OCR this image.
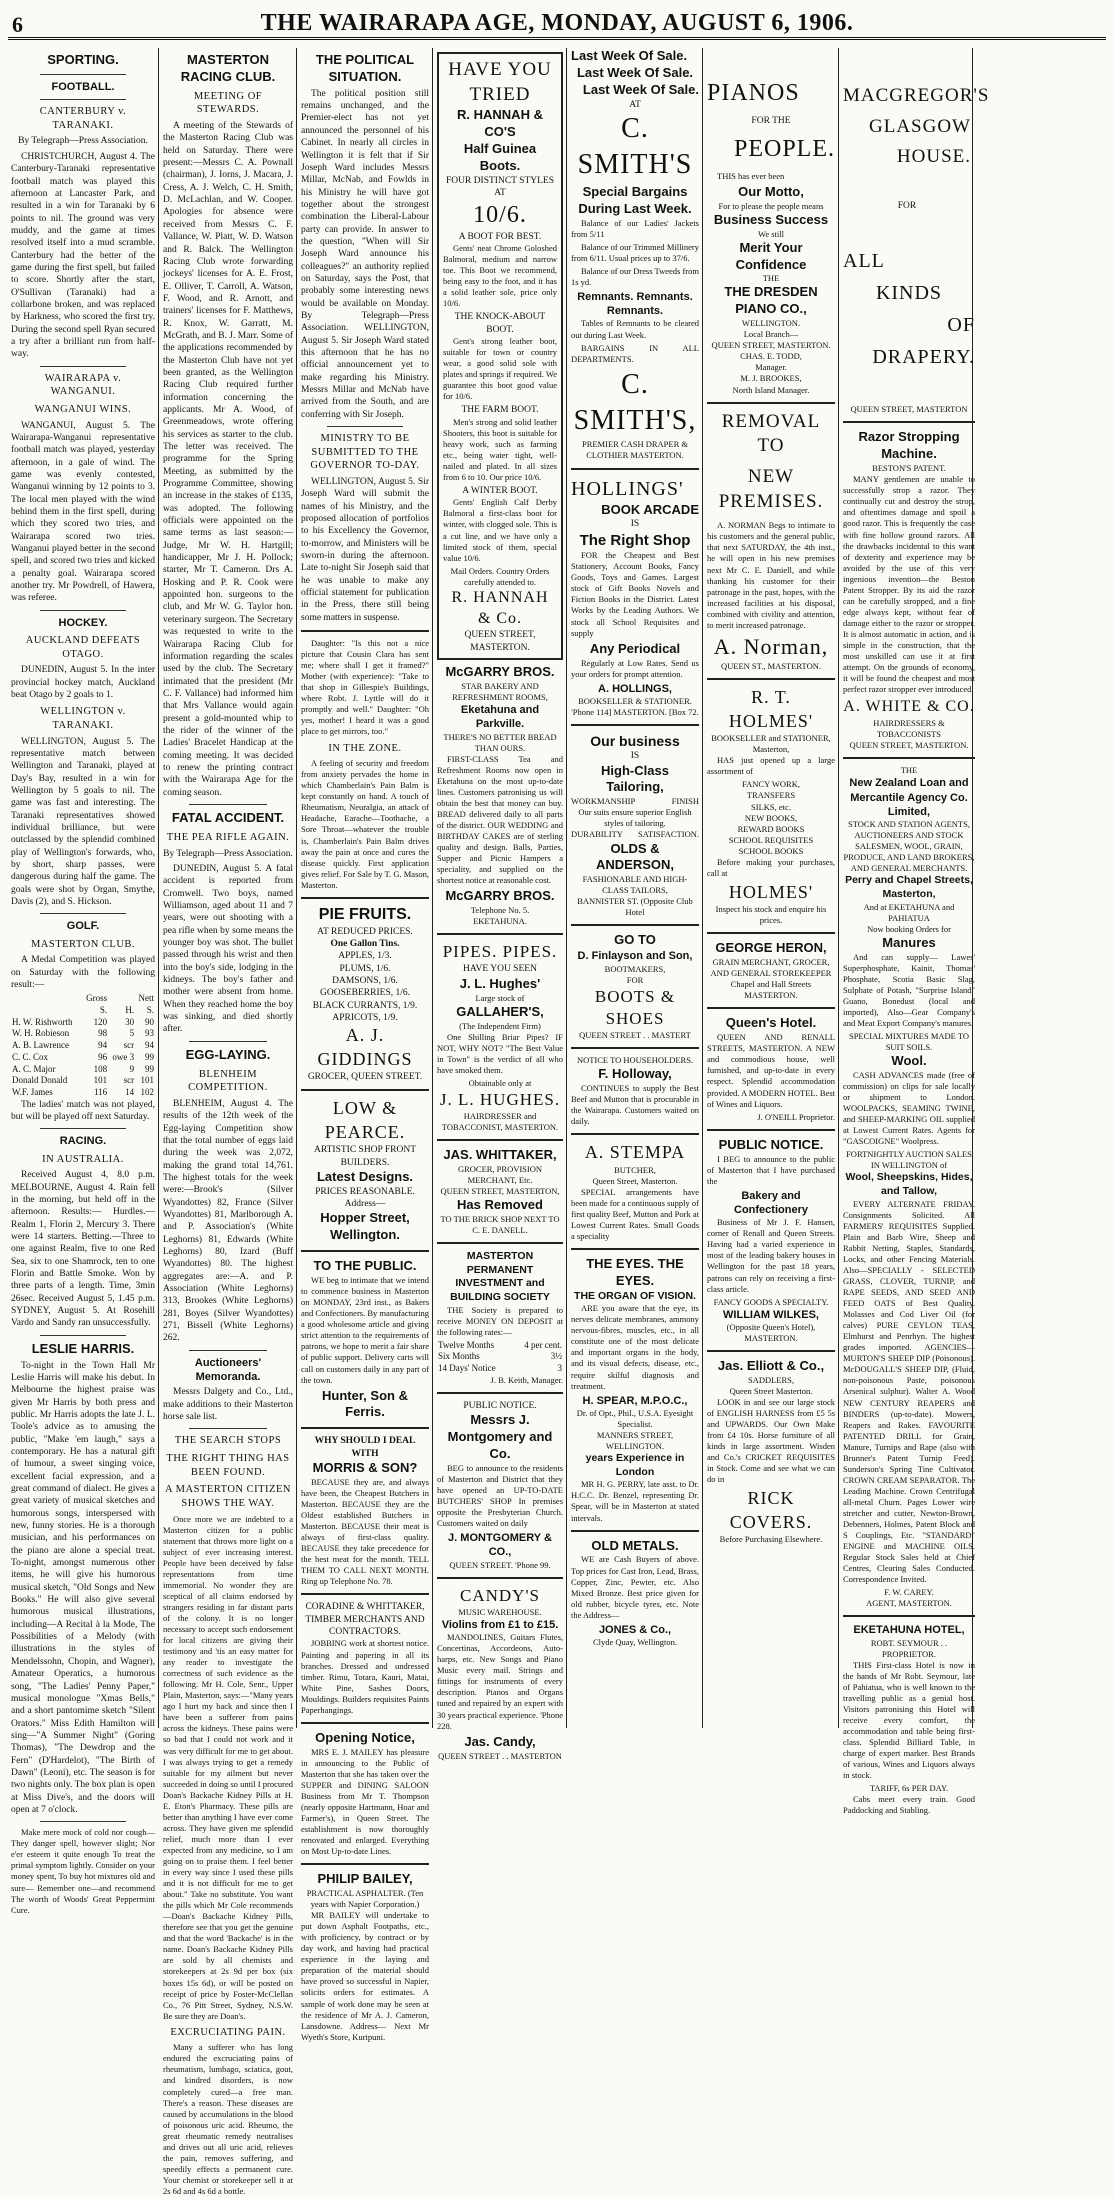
6	THE WAIRARAPA AGE, MONDAY, AUGUST 6, 1906.
SPORTING.
FOOTBALL.
CANTERBURY v. TARANAKI.
By Telegraph—Press Association.
CHRISTCHURCH, August 4. The Canterbury-Taranaki representative football match was played this afternoon at Lancaster Park, and resulted in a win for Taranaki by 6 points to nil. The ground was very muddy, and the game at times resolved itself into a mud scramble. Canterbury had the better of the game during the first spell, but failed to score. Shortly after the start, O'Sullivan (Taranaki) had a collarbone broken, and was replaced by Harkness, who scored the first try. During the second spell Ryan secured a try after a brilliant run from half-way.
WAIRARAPA v. WANGANUI.
WANGANUI WINS.
WANGANUI, August 5. The Wairarapa-Wanganui representative football match was played, yesterday afternoon, in a gale of wind. The game was evenly contested, Wanganui winning by 12 points to 3. The local men played with the wind behind them in the first spell, during which they scored two tries, and Wairarapa scored two tries. Wanganui played better in the second spell, and scored two tries and kicked a penalty goal. Wairarapa scored another try. Mr Powdrell, of Hawera, was referee.
HOCKEY.
AUCKLAND DEFEATS OTAGO.
DUNEDIN, August 5. In the inter provincial hockey match, Auckland beat Otago by 2 goals to 1.
WELLINGTON v. TARANAKI.
WELLINGTON, August 5. The representative match between Wellington and Taranaki, played at Day's Bay, resulted in a win for Wellington by 5 goals to nil. The game was fast and interesting. The Taranaki representatives showed individual brilliance, but were outclassed by the splendid combined play of Wellington's forwards, who, by short, sharp passes, were dangerous during half the game. The goals were shot by Organ, Smythe, Davis (2), and S. Hickson.
GOLF.
MASTERTON CLUB.
A Medal Competition was played on Saturday with the following result:—
	Gross		Nett
	S.	H.	S.
H. W. Rishworth	120	30	90
W. H. Robieson	98	5	93
A. B. Lawrence	94	scr	94
C. C. Cox	96	owe 3	99
A. C. Major	108	9	99
Donald Donald	101	scr	101
W.F. James	116	14	102
The ladies' match was not played, but will be played off next Saturday.
RACING.
IN AUSTRALIA.
Received August 4, 8.0 p.m. MELBOURNE, August 4. Rain fell in the morning, but held off in the afternoon. Results:— Hurdles.—Realm 1, Florin 2, Mercury 3. There were 14 starters. Betting.—Three to one against Realm, five to one Red Sea, six to one Shamrock, ten to one Florin and Battle Smoke. Won by three parts of a length. Time, 3min 26sec. Received August 5, 1.45 p.m. SYDNEY, August 5. At Rosehill Vardo and Sandy ran unsuccessfully.
LESLIE HARRIS.
To-night in the Town Hall Mr Leslie Harris will make his debut. In Melbourne the highest praise was given Mr Harris by both press and public. Mr Harris adopts the late J. L. Toole's advice as to amusing the public, "Make 'em laugh," says a contemporary. He has a natural gift of humour, a sweet singing voice, excellent facial expression, and a great command of dialect. He gives a great variety of musical sketches and humorous songs, interspersed with new, funny stories. He is a thorough musician, and his performances on the piano are alone a special treat. To-night, amongst numerous other items, he will give his humorous musical sketch, "Old Songs and New Books." He will also give several humorous musical illustrations, including—A Recital à la Mode, The Possibilities of a Melody (with illustrations in the styles of Mendelssohn, Chopin, and Wagner), Amateur Operatics, a humorous song, "The Ladies' Penny Paper," musical monologue "Xmas Bells," and a short pantomime sketch "Silent Orators." Miss Edith Hamilton will sing—"A Summer Night" (Goring Thomas), "The Dewdrop and the Fern" (D'Hardelot), "The Birth of Dawn" (Leoni), etc. The season is for two nights only. The box plan is open at Miss Dive's, and the doors will open at 7 o'clock.
Make mere mock of cold nor cough— They danger spell, however slight; Nor e'er esteem it quite enough To treat the primal symptom lightly. Consider on your money spent, To buy hot mixtures old and sure— Remember one—and recommend The worth of Woods' Great Peppermint Cure.
MASTERTON RACING CLUB.
MEETING OF STEWARDS.
A meeting of the Stewards of the Masterton Racing Club was held on Saturday. There were present:—Messrs C. A. Pownall (chairman), J. Iorns, J. Macara, J. Cress, A. J. Welch, C. H. Smith, D. McLachlan, and W. Cooper. Apologies for absence were received from Messrs C. F. Vallance, W. Platt, W. D. Watson and R. Balck. The Wellington Racing Club wrote forwarding jockeys' licenses for A. E. Frost, E. Olliver, T. Carroll, A. Watson, F. Wood, and R. Arnott, and trainers' licenses for F. Matthews, R. Knox, W. Garratt, M. McGrath, and B. J. Marr. Some of the applications recommended by the Masterton Club have not yet been granted, as the Wellington Racing Club required further information concerning the applicants. Mr A. Wood, of Greenmeadows, wrote offering his services as starter to the club. The letter was received. The programme for the Spring Meeting, as submitted by the Programme Committee, showing an increase in the stakes of £135, was adopted. The following officials were appointed on the same terms as last season:—Judge, Mr W. H. Hartgill; handicapper, Mr J. H. Pollock; starter, Mr T. Cameron. Drs A. Hosking and P. R. Cook were appointed hon. surgeons to the club, and Mr W. G. Taylor hon. veterinary surgeon. The Secretary was requested to write to the Wairarapa Racing Club for information regarding the scales used by the club. The Secretary intimated that the president (Mr C. F. Vallance) had informed him that Mrs Vallance would again present a gold-mounted whip to the rider of the winner of the Ladies' Bracelet Handicap at the coming meeting. It was decided to renew the printing contract with the Wairarapa Age for the coming season.
FATAL ACCIDENT.
THE PEA RIFLE AGAIN.
By Telegraph—Press Association.
DUNEDIN, August 5. A fatal accident is reported from Cromwell. Two boys, named Williamson, aged about 11 and 7 years, were out shooting with a pea rifle when by some means the younger boy was shot. The bullet passed through his wrist and then into the boy's side, lodging in the kidneys. The boy's father and mother were absent from home. When they reached home the boy was sinking, and died shortly after.
EGG-LAYING.
BLENHEIM COMPETITION.
BLENHEIM, August 4. The results of the 12th week of the Egg-laying Competition show that the total number of eggs laid during the week was 2,072, making the grand total 14,761. The highest totals for the week were:—Brook's (Silver Wyandottes) 82, France (Silver Wyandottes) 81, Marlborough A. and P. Association's (White Leghorns) 81, Edwards (White Leghorns) 80, Izard (Buff Wyandottes) 80. The highest aggregates are:—A. and P. Association (White Leghorns) 313, Brookes (White Leghorns) 281, Boyes (Silver Wyandottes) 271, Bissell (White Leghorns) 262.
Auctioneers' Memoranda.
Messrs Dalgety and Co., Ltd., make additions to their Masterton horse sale list.
THE SEARCH STOPS
THE RIGHT THING HAS BEEN FOUND.
A MASTERTON CITIZEN SHOWS THE WAY.
Once more we are indebted to a Masterton citizen for a public statement that throws more light on a subject of ever increasing interest. People have been deceived by false representations from time immemorial. No wonder they are sceptical of all claims endorsed by strangers residing in far distant parts of the colony. It is no longer necessary to accept such endorsement for local citizens are giving their testimony and 'tis an easy matter for any reader to investigate the correctness of such evidence as the following. Mr H. Cole, Senr., Upper Plain, Masterton, says:—"Many years ago I hurt my back and since then I have been a sufferer from pains across the kidneys. These pains were so bad that I could not work and it was very difficult for me to get about. I was always trying to get a remedy suitable for my ailment but never succeeded in doing so until I procured Doan's Backache Kidney Pills at H. E. Eton's Pharmacy. These pills are better than anything I have ever come across. They have given me splendid relief, much more than I ever expected from any medicine, so I am going on to praise them. I feel better in every way since I used these pills and it is not difficult for me to get about." Take no substitute. You want the pills which Mr Cole recommends—Doan's Backache Kidney Pills, therefore see that you get the genuine and that the word 'Backache' is in the name. Doan's Backache Kidney Pills are sold by all chemists and storekeepers at 2s 9d per box (six boxes 15s 6d), or will be posted on receipt of price by Foster-McClellan Co., 76 Pitt Street, Sydney, N.S.W. Be sure they are Doan's.
EXCRUCIATING PAIN.
Many a sufferer who has long endured the excruciating pains of rheumatism, lumbago, sciatica, gout, and kindred disorders, is now completely cured—a free man. There's a reason. These diseases are caused by accumulations in the blood of poisonous uric acid. Rheumo, the great rheumatic remedy neutralises and drives out all uric acid, relieves the pain, removes suffering, and speedily effects a permanent cure. Your chemist or storekeeper sell it at 2s 6d and 4s 6d a bottle.
THE POLITICAL SITUATION.
The political position still remains unchanged, and the Premier-elect has not yet announced the personnel of his Cabinet. In nearly all circles in Wellington it is felt that if Sir Joseph Ward includes Messrs Millar, McNab, and Fowlds in his Ministry he will have got together about the strongest combination the Liberal-Labour party can provide. In answer to the question, "When will Sir Joseph Ward announce his colleagues?" an authority replied on Saturday, says the Post, that probably some interesting news would be available on Monday. By Telegraph—Press Association. WELLINGTON, August 5. Sir Joseph Ward stated this afternoon that he has no official announcement yet to make regarding his Ministry. Messrs Millar and McNab have arrived from the South, and are conferring with Sir Joseph.
MINISTRY TO BE SUBMITTED TO THE GOVERNOR TO-DAY.
WELLINGTON, August 5. Sir Joseph Ward will submit the names of his Ministry, and the proposed allocation of portfolios to his Excellency the Governor, to-morrow, and Ministers will be sworn-in during the afternoon. Late to-night Sir Joseph said that he was unable to make any official statement for publication in the Press, there still being some matters in suspense.
Daughter: "Is this not a nice picture that Cousin Clara has sent me; where shall I get it framed?" Mother (with experience): "Take to that shop in Gillespie's Buildings, where Robt. J. Lyttle will do it promptly and well." Daughter: "Oh yes, mother! I heard it was a good place to get mirrors, too."
IN THE ZONE.
A feeling of security and freedom from anxiety pervades the home in which Chamberlain's Pain Balm is kept constantly on hand. A touch of Rheumatism, Neuralgia, an attack of Headache, Earache—Toothache, a Sore Throat—whatever the trouble is, Chamberlain's Pain Balm drives away the pain at once and cures the disease quickly. First application gives relief. For Sale by T. G. Mason, Masterton.
PIE FRUITS.
AT REDUCED PRICES.
One Gallon Tins.
APPLES, 1/3.
PLUMS, 1/6.
DAMSONS, 1/6.
GOOSEBERRIES, 1/6.
BLACK CURRANTS, 1/9.
APRICOTS, 1/9.
A. J. GIDDINGS
GROCER, QUEEN STREET.
LOW & PEARCE.
ARTISTIC SHOP FRONT BUILDERS.
Latest Designs.
PRICES REASONABLE.
Address—
Hopper Street, Wellington.
TO THE PUBLIC.
WE beg to intimate that we intend to commence business in Masterton on MONDAY, 23rd inst., as Bakers and Confectioners. By manufacturing a good wholesome article and giving strict attention to the requirements of patrons, we hope to merit a fair share of public support. Delivery carts will call on customers daily in any part of the town.
Hunter, Son & Ferris.
WHY SHOULD I DEAL WITH
MORRIS & SON?
BECAUSE they are, and always have been, the Cheapest Butchers in Masterton. BECAUSE they are the Oldest established Butchers in Masterton. BECAUSE their meat is always of first-class quality. BECAUSE they take precedence for the best meat for the month. TELL THEM TO CALL NEXT MONTH. Ring up Telephone No. 78.
CORADINE & WHITTAKER, TIMBER MERCHANTS AND CONTRACTORS.
JOBBING work at shortest notice. Painting and papering in all its branches. Dressed and undressed timber. Rimu, Totara, Kauri, Matai, White Pine, Sashes Doors, Mouldings. Builders requisites Paints Paperhangings.
Opening Notice,
MRS E. J. MAILEY has pleasure in announcing to the Public of Masterton that she has taken over the SUPPER and DINING SALOON Business from Mr T. Thompson (nearly opposite Hartmann, Hoar and Farmer's), in Queen Street. The establishment is now thoroughly renovated and enlarged. Everything on Most Up-to-date Lines.
PHILIP BAILEY,
PRACTICAL ASPHALTER. (Ten years with Napier Corporation.)
MR BAILEY will undertake to put down Asphalt Footpaths, etc., with proficiency, by contract or by day work, and having had practical experience in the laying and preparation of the material should have proved so successful in Napier, solicits orders for estimates. A sample of work done may be seen at the residence of Mr A. J. Cameron, Lansdowne. Address— Next Mr Wyeth's Store, Kuripuni.
HAVE YOU TRIED
R. HANNAH & CO'S
Half Guinea Boots.
FOUR DISTINCT STYLES AT
10/6.
A BOOT FOR BEST.
Gents' neat Chrome Goloshed Balmoral, medium and narrow toe. This Boot we recommend, being easy to the foot, and it has a solid leather sole, price only 10/6.
THE KNOCK-ABOUT BOOT.
Gent's strong leather boot, suitable for town or country wear, a good solid sole with plates and springs if required. We guarantee this boot good value for 10/6.
THE FARM BOOT.
Men's strong and solid leather Shooters, this boot is suitable for heavy work, such as farming etc., being water tight, well-nailed and plated. In all sizes from 6 to 10. Our price 10/6.
A WINTER BOOT.
Gents' English Calf Derby Balmoral a first-class boot for winter, with clogged sole. This is a cut line, and we have only a limited stock of them, special value 10/6.
Mail Orders. Country Orders carefully attended to.
R. HANNAH & Co.
QUEEN STREET, MASTERTON.
McGARRY BROS.
STAR BAKERY AND REFRESHMENT ROOMS,
Eketahuna and Parkville.
THERE'S NO BETTER BREAD THAN OURS.
FIRST-CLASS Tea and Refreshment Rooms now open in Eketahuna on the most up-to-date lines. Customers patronising us will obtain the best that money can buy. BREAD delivered daily to all parts of the district. OUR WEDDING and BIRTHDAY CAKES are of sterling quality and design. Balls, Parties, Supper and Picnic Hampers a speciality, and supplied on the shortest notice at reasonable cost.
McGARRY BROS.
Telephone No. 5.
EKETAHUNA.
PIPES. PIPES.
HAVE YOU SEEN
J. L. Hughes'
Large stock of
GALLAHER'S,
(The Independent Firm)
One Shilling Briar Pipes? IF NOT, WHY NOT? "The Best Value in Town" is the verdict of all who have smoked them.
Obtainable only at
J. L. HUGHES.
HAIRDRESSER and TOBACCONIST, MASTERTON.
JAS. WHITTAKER,
GROCER, PROVISION MERCHANT, Etc.
QUEEN STREET, MASTERTON,
Has Removed
TO THE BRICK SHOP NEXT TO C. E. DANELL.
MASTERTON PERMANENT INVESTMENT and BUILDING SOCIETY
THE Society is prepared to receive MONEY ON DEPOSIT at the following rates:—
Twelve Months	4 per cent.
Six Months	3½
14 Days' Notice	3
J. B. Keith, Manager.
PUBLIC NOTICE.
Messrs J. Montgomery and Co.
BEG to announce to the residents of Masterton and District that they have opened an UP-TO-DATE BUTCHERS' SHOP In premises opposite the Presbyterian Church. Customers waited on daily
J. MONTGOMERY & CO.,
QUEEN STREET. 'Phone 99.
CANDY'S
MUSIC WAREHOUSE.
Violins from £1 to £15.
MANDOLINES, Guitars Flutes, Concertinas, Accordeons, Auto-harps, etc. New Songs and Piano Music every mail. Strings and fittings for instruments of every description. Pianos and Organs tuned and repaired by an expert with 30 years practical experience. 'Phone 228.
Jas. Candy,
QUEEN STREET . . MASTERTON
Last Week Of Sale.
Last Week Of Sale.
Last Week Of Sale.
AT
C. SMITH'S
Special Bargains During Last Week.
Balance of our Ladies' Jackets from 5/11
Balance of our Trimmed Millinery from 6/11. Usual prices up to 37/6.
Balance of our Dress Tweeds from 1s yd.
Remnants. Remnants. Remnants.
Tables of Remnants to be cleared out during Last Week.
BARGAINS IN ALL DEPARTMENTS.
C. SMITH'S,
PREMIER CASH DRAPER & CLOTHIER MASTERTON.
HOLLINGS'
BOOK ARCADE
IS
The Right Shop
FOR the Cheapest and Best Stationery, Account Books, Fancy Goods, Toys and Games. Largest stock of Gift Books Novels and Fiction Books in the District. Latest Works by the Leading Authors. We stock all School Requisites and supply
Any Periodical
Regularly at Low Rates. Send us your orders for prompt attention.
A. HOLLINGS,
BOOKSELLER & STATIONER. 'Phone 114] MASTERTON. [Box 72.
Our business
IS
High-Class Tailoring,
WORKMANSHIP	FINISH
Our suits ensure superior English styles of tailoring.
DURABILITY SATISFACTION.
OLDS & ANDERSON,
FASHIONABLE AND HIGH-CLASS TAILORS,
BANNISTER ST. (Opposite Club Hotel
GO TO
D. Finlayson and Son,
BOOTMAKERS,
FOR
BOOTS & SHOES
QUEEN STREET . . MASTERT
NOTICE TO HOUSEHOLDERS.
F. Holloway,
CONTINUES to supply the Best Beef and Mutton that is procurable in the Wairarapa. Customers waited on daily.
A. STEMPA
BUTCHER,
Queen Street, Masterton.
SPECIAL arrangements have been made for a continuous supply of first quality Beef, Mutton and Pork at Lowest Current Rates. Small Goods a speciality
THE EYES. THE EYES.
THE ORGAN OF VISION.
ARE you aware that the eye, its nerves delicate membranes, ammony nervous-fibres, muscles, etc., in all constitute one of the most delicate and important organs in the body, and its visual defects, disease, etc., require skilful diagnosis and treatment.
H. SPEAR, M.P.O.C.,
Dr. of Opt., Phil., U.S.A. Eyesight Specialist.
MANNERS STREET, WELLINGTON.
years Experience in London
MR H. G. PERRY, late asst. to Dr. H.C.C. Dr. Benzel, representing Dr. Spear, will be in Masterton at stated intervals.
OLD METALS.
WE are Cash Buyers of above. Top prices for Cast Iron, Lead, Brass, Copper, Zinc, Pewter, etc. Also Mixed Bronze. Best price given for old rubber, bicycle tyres, etc. Note the Address—
JONES & Co.,
Clyde Quay, Wellington.
PIANOS
FOR THE
PEOPLE.
THIS has ever been
Our Motto,
For to please the people means
Business Success
We still
Merit Your Confidence
THE
THE DRESDEN PIANO CO.,
WELLINGTON.
Local Branch—
QUEEN STREET, MASTERTON.
CHAS. E. TODD,
Manager.
M. J. BROOKES,
North Island Manager.
REMOVAL TO
NEW PREMISES.
A. NORMAN Begs to intimate to his customers and the general public, that next SATURDAY, the 4th inst., he will open in his new premises next Mr C. E. Daniell, and while thanking his customer for their patronage in the past, hopes, with the increased facilities at his disposal, combined with civility and attention, to merit increased patronage.
A. Norman,
QUEEN ST., MASTERTON.
R. T. HOLMES'
BOOKSELLER and STATIONER,
Masterton,
HAS just opened up a large assortment of
FANCY WORK,
TRANSFERS
SILKS, etc.
NEW BOOKS,
REWARD BOOKS
SCHOOL REQUISITES
SCHOOL BOOKS
Before making your purchases, call at
HOLMES'
Inspect his stock and enquire his prices.
GEORGE HERON,
GRAIN MERCHANT, GROCER, AND GENERAL STOREKEEPER Chapel and Hall Streets MASTERTON.
Queen's Hotel.
QUEEN AND RENALL STREETS, MASTERTON. A NEW and commodious house, well furnished, and up-to-date in every respect. Splendid accommodation provided. A MODERN HOTEL. Best of Wines and Liquors.
J. O'NEILL Proprietor.
PUBLIC NOTICE.
I BEG to announce to the public of Masterton that I have purchased the
Bakery and Confectionery
Business of Mr J. F. Hansen, corner of Renall and Queen Streets. Having had a varied experience in most of the leading bakery houses in Wellington for the past 18 years, patrons can rely on receiving a first-class article.
FANCY GOODS A SPECIALTY.
WILLIAM WILKES,
(Opposite Queen's Hotel),
MASTERTON.
Jas. Elliott & Co.,
SADDLERS,
Queen Street Masterton.
LOOK in and see our large stock of ENGLISH HARNESS from £5 5s and UPWARDS. Our Own Make from £4 10s. Horse furniture of all kinds in large assortment. Wisden and Co.'s CRICKET REQUISITES in Stock. Come and see what we can do in
RICK COVERS.
Before Purchasing Elsewhere.
MACGREGOR'S
GLASGOW
HOUSE.
FOR
ALL
KINDS
OF
DRAPERY.
QUEEN STREET, MASTERTON
Razor Stropping Machine.
BESTON'S PATENT.
MANY gentlemen are unable to successfully strop a razor. They continually cut and destroy the strop, and oftentimes damage and spoil a good razor. This is frequently the case with fine hollow ground razors. All the drawbacks incidental to this want of dexterity and experience may be avoided by the use of this very ingenious invention—the Beston Patent Stropper. By its aid the razor can be carefully stropped, and a fine edge always kept, without fear of damage either to the razor or stropper. It is almost automatic in action, and is simple in the construction, that the most unskilled can use it at first attempt. On the grounds of economy, it will be found the cheapest and most perfect razor stropper ever introduced.
A. WHITE & CO.
HAIRDRESSERS & TOBACCONISTS
QUEEN STREET, MASTERTON.
THE
New Zealand Loan and Mercantile Agency Co. Limited,
STOCK AND STATION AGENTS, AUCTIONEERS AND STOCK SALESMEN, WOOL, GRAIN, PRODUCE, AND LAND BROKERS, AND GENERAL MERCHANTS.
Perry and Chapel Streets, Masterton,
And at EKETAHUNA and PAHIATUA
Now booking Orders for
Manures
And can supply— Lawes' Superphosphate, Kainit, Thomas' Phosphate, Scotia Basic Slag, Sulphate of Potash, "Surprise Island" Guano, Bonedust (local and imported), Also—Gear Company's and Meat Export Company's manures.
SPECIAL MIXTURES MADE TO SUIT SOILS.
Wool.
CASH ADVANCES made (free of commission) on clips for sale locally or shipment to London. WOOLPACKS, SEAMING TWINE, and SHEEP-MARKING OIL supplied at Lowest Current Rates. Agents for "GASCOIGNE" Woolpress.
FORTNIGHTLY AUCTION SALES IN WELLINGTON of
Wool, Sheepskins, Hides, and Tallow,
EVERY ALTERNATE FRIDAY. Consignments Solicited. All FARMERS' REQUISITES Supplied. Plain and Barb Wire, Sheep and Rabbit Netting, Staples, Standards, Locks, and other Fencing Materials. Also—SPECIALLY - SELECTED GRASS, CLOVER, TURNIP, and RAPE SEEDS, AND SEED AND FEED OATS of Best Quality. Molasses and Cod Liver Oil (for calves) PURE CEYLON TEAS, Elmhurst and Penrhyn. The highest grades imported. AGENCIES— MURTON'S SHEEP DIP (Poisonous). McDOUGALL'S SHEEP DIP, (Fluid, non-poisonous Paste, poisonous Arsenical sulphur). Walter A. Wood NEW CENTURY REAPERS and BINDERS (up-to-date). Mowers, Reapers and Rakes. FAVOURITE PATENTED DRILL for Grain, Manure, Turnips and Rape (also with Brunner's Patent Turnip Feed). Sunderson's Spring Tine Cultivator. CROWN CREAM SEPARATOR. The Leading Machine. Crown Centrifugal all-metal Churn. Pages Lower wire stretcher and cutter, Newton-Brown, Debenners, Holmes, Patent Block and S Couplings, Etc. "STANDARD" ENGINE and MACHINE OILS. Regular Stock Sales held at Chief Centres, Clearing Sales Conducted. Correspondence Invited.
F. W. CAREY.
AGENT, MASTERTON.
EKETAHUNA HOTEL,
ROBT. SEYMOUR . . PROPRIETOR.
THIS First-class Hotel is now in the hands of Mr Robt. Seymour, late of Pahiatua, who is well known to the travelling public as a genial host. Visitors patronising this Hotel will receive every comfort, the accommodation and table being first-class. Splendid Billiard Table, in charge of expert marker. Best Brands of various, Wines and Liquors always in stock.
TARIFF, 6s PER DAY.
Cabs meet every train. Good Paddocking and Stabling.
